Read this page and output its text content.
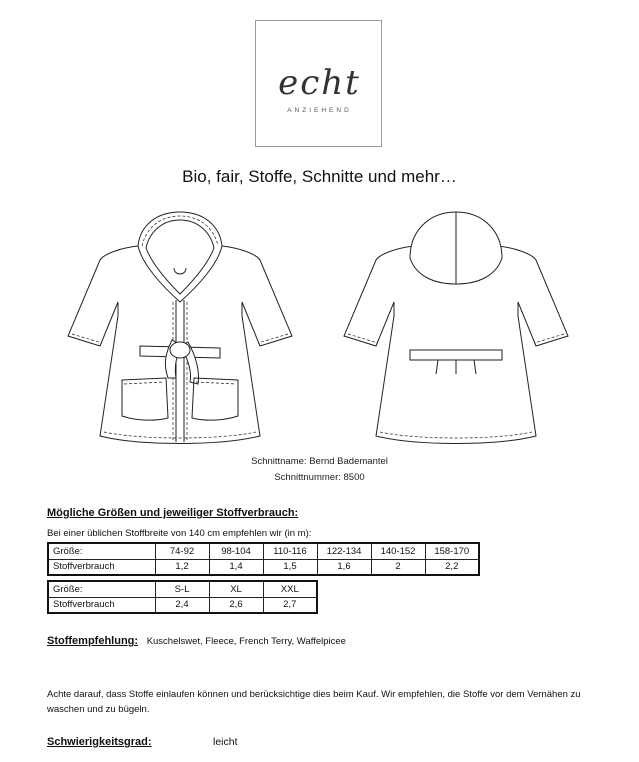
echt
ANZIEHEND
Bio, fair, Stoffe, Schnitte und mehr…
Schnittname: Bernd Bademantel
Schnittnummer: 8500
Mögliche Größen und jeweiliger Stoffverbrauch:
Bei einer üblichen Stoffbreite von 140 cm empfehlen wir (in m):
Größe:	74-92	98-104	110-116	122-134	140-152	158-170
Stoffverbrauch	1,2	1,4	1,5	1,6	2	2,2
Größe:	S-L	XL	XXL
Stoffverbrauch	2,4	2,6	2,7
Stoffempfehlung: Kuschelswet, Fleece, French Terry, Waffelpicee
Achte darauf, dass Stoffe einlaufen können und berücksichtige dies beim Kauf. Wir empfehlen, die Stoffe vor dem Vernähen zu waschen und zu bügeln.
Schwierigkeitsgrad:	leicht
